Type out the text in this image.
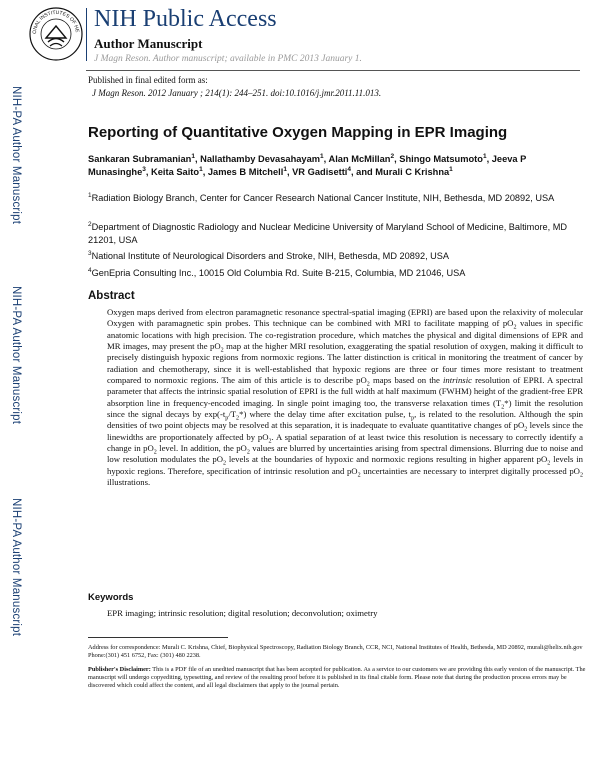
ONAL INSTITUTES OF HE NIH Public Access
Author Manuscript
J Magn Reson. Author manuscript; available in PMC 2013 January 1.
NIH-PA Author Manuscript
NIH-PA Author Manuscript
NIH-PA Author Manuscript
Published in final edited form as:
J Magn Reson. 2012 January ; 214(1): 244–251. doi:10.1016/j.jmr.2011.11.013.
Reporting of Quantitative Oxygen Mapping in EPR Imaging
Sankaran Subramanian$^1$, Nallathamby Devasahayam$^1$, Alan McMillan$^2$, Shingo Matsumoto$^1$, Jeeva P Munasinghe$^3$, Keita Saito$^1$, James B Mitchell$^1$, VR Gadisetti$^4$, and Murali C Krishna$^1$
$^1$Radiation Biology Branch, Center for Cancer Research National Cancer Institute, NIH, Bethesda, MD 20892, USA
$^2$Department of Diagnostic Radiology and Nuclear Medicine University of Maryland School of Medicine, Baltimore, MD 21201, USA
$^3$National Institute of Neurological Disorders and Stroke, NIH, Bethesda, MD 20892, USA
$^4$GenEpria Consulting Inc., 10015 Old Columbia Rd. Suite B-215, Columbia, MD 21046, USA
Abstract

Oxygen maps derived from electron paramagnetic resonance spectral-spatial imaging (EPRI) are based upon the relaxivity of molecular Oxygen with paramagnetic spin probes. This technique can be combined with MRI to facilitate mapping of $pO_2$ values in specific anatomic locations with high precision. The co-registration procedure, which matches the physical and digital dimensions of EPR and MR images, may present the $pO_2$ map at the higher MRI resolution, exaggerating the spatial resolution of oxygen, making it difficult to precisely distinguish hypoxic regions from normoxic regions. The latter distinction is critical in monitoring the treatment of cancer by radiation and chemotherapy, since it is well-established that hypoxic regions are three or four times more resistant to treatment compared to normoxic regions. The aim of this article is to describe $pO_2$ maps based on the intrinsic resolution of EPRI. A spectral parameter that affects the intrinsic spatial resolution of EPRI is the full width at half maximum (FWHM) height of the gradient-free EPR absorption line in frequency-encoded imaging. In single point imaging too, the transverse relaxation times $(T_2*)$ limit the resolution since the signal decays by $\exp(-t_p/T_2*)$ where the delay time after excitation pulse, $t_p$, is related to the resolution. Although the spin densities of two point objects may be resolved at this separation, it is inadequate to evaluate quantitative changes of $pO_2$ levels since the linewidths are proportionately affected by $pO_2$. A spatial separation of at least twice this resolution is necessary to correctly identify a change in $pO_2$ level. In addition, the $pO_2$ values are blurred by uncertainties arising from spectral dimensions. Blurring due to noise and low resolution modulates the $pO_2$ levels at the boundaries of hypoxic and normoxic regions resulting in higher apparent $pO_2$ levels in hypoxic regions. Therefore, specification of intrinsic resolution and $pO_2$ uncertainties are necessary to interpret digitally processed $pO_2$ illustrations.

Keywords
EPR imaging; intrinsic resolution; digital resolution; deconvolution; oximetry

Address for correspondence: Murali C. Krishna, Chief, Biophysical Spectroscopy, Radiation Biology Branch, CCR, NCI, National Institutes of Health, Bethesda, MD 20892, murali@helix.nih.gov Phone:(301) 451 6752, Fax: (301) 480 2238.

Publisher's Disclaimer: This is a PDF file of an unedited manuscript that has been accepted for publication. As a service to our customers we are providing this early version of the manuscript. The manuscript will undergo copyediting, typesetting, and review of the resulting proof before it is published in its final citable form. Please note that during the production process errors may be discovered which could affect the content, and all legal disclaimers that apply to the journal pertain.
